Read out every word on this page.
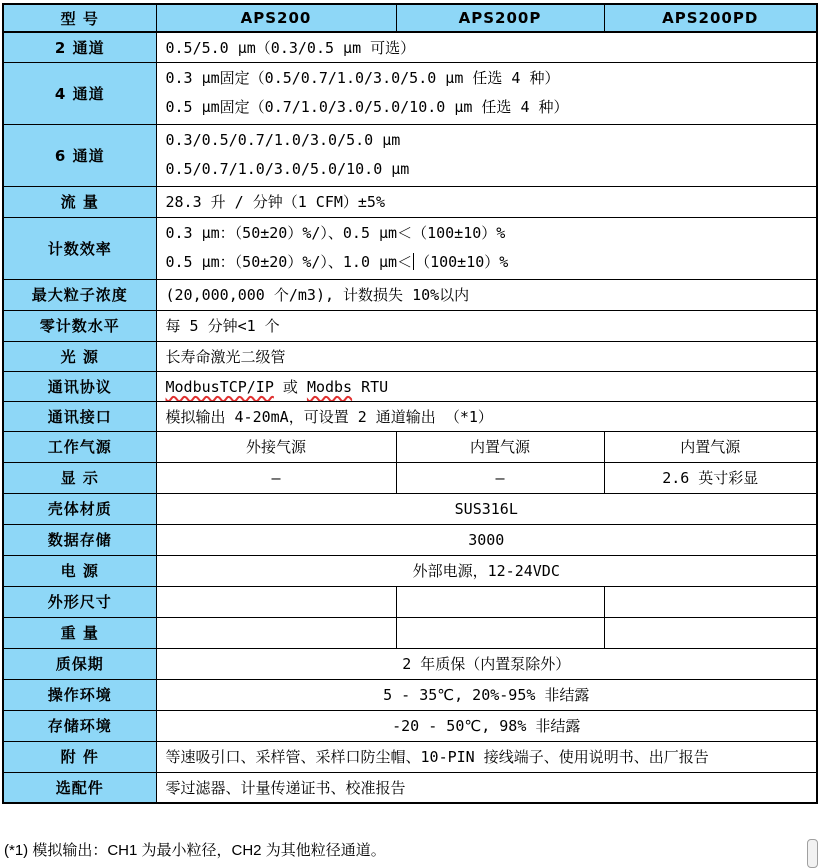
型 号	APS200	APS200P	APS200PD
2 通道	0.5/5.0 μm（0.3/0.5 μm 可选）		
4 通道	0.3 μm固定（0.5/0.7/1.0/3.0/5.0 μm 任选 4 种）
0.5 μm固定（0.7/1.0/3.0/5.0/10.0 μm 任选 4 种）		

6 通道	0.3/0.5/0.7/1.0/3.0/5.0 μm
0.5/0.7/1.0/3.0/5.0/10.0 μm		

流 量	28.3 升 / 分钟（1 CFM）±5%		
计数效率	0.3 μm：（50±20）%/）、0.5 μm＜（100±10）%
0.5 μm：（50±20）%/）、1.0 μm＜ （100±10）%		

最大粒子浓度	(20,000,000 个/m3), 计数损失 10%以内		
零计数水平	每 5 分钟<1 个		
光 源	长寿命激光二级管		
通讯协议	ModbusTCP/IP 或 Modbs RTU		
通讯接口	模拟输出 4-20mA，可设置 2 通道输出 （*1）		
工作气源	外接气源	内置气源	内置气源
显 示	–	–	2.6 英寸彩显
壳体材质	SUS316L		
数据存储	3000		
电 源	外部电源，12-24VDC		
外形尺寸			
重 量			
质保期	2 年质保（内置泵除外）		
操作环境	5 - 35℃, 20%-95% 非结露		
存储环境	-20 - 50℃, 98% 非结露		
附 件	等速吸引口、采样管、采样口防尘帽、10-PIN 接线端子、使用说明书、出厂报告		
选配件	零过滤器、计量传递证书、校准报告		
(*1) 模拟输出：CH1 为最小粒径，CH2 为其他粒径通道。
